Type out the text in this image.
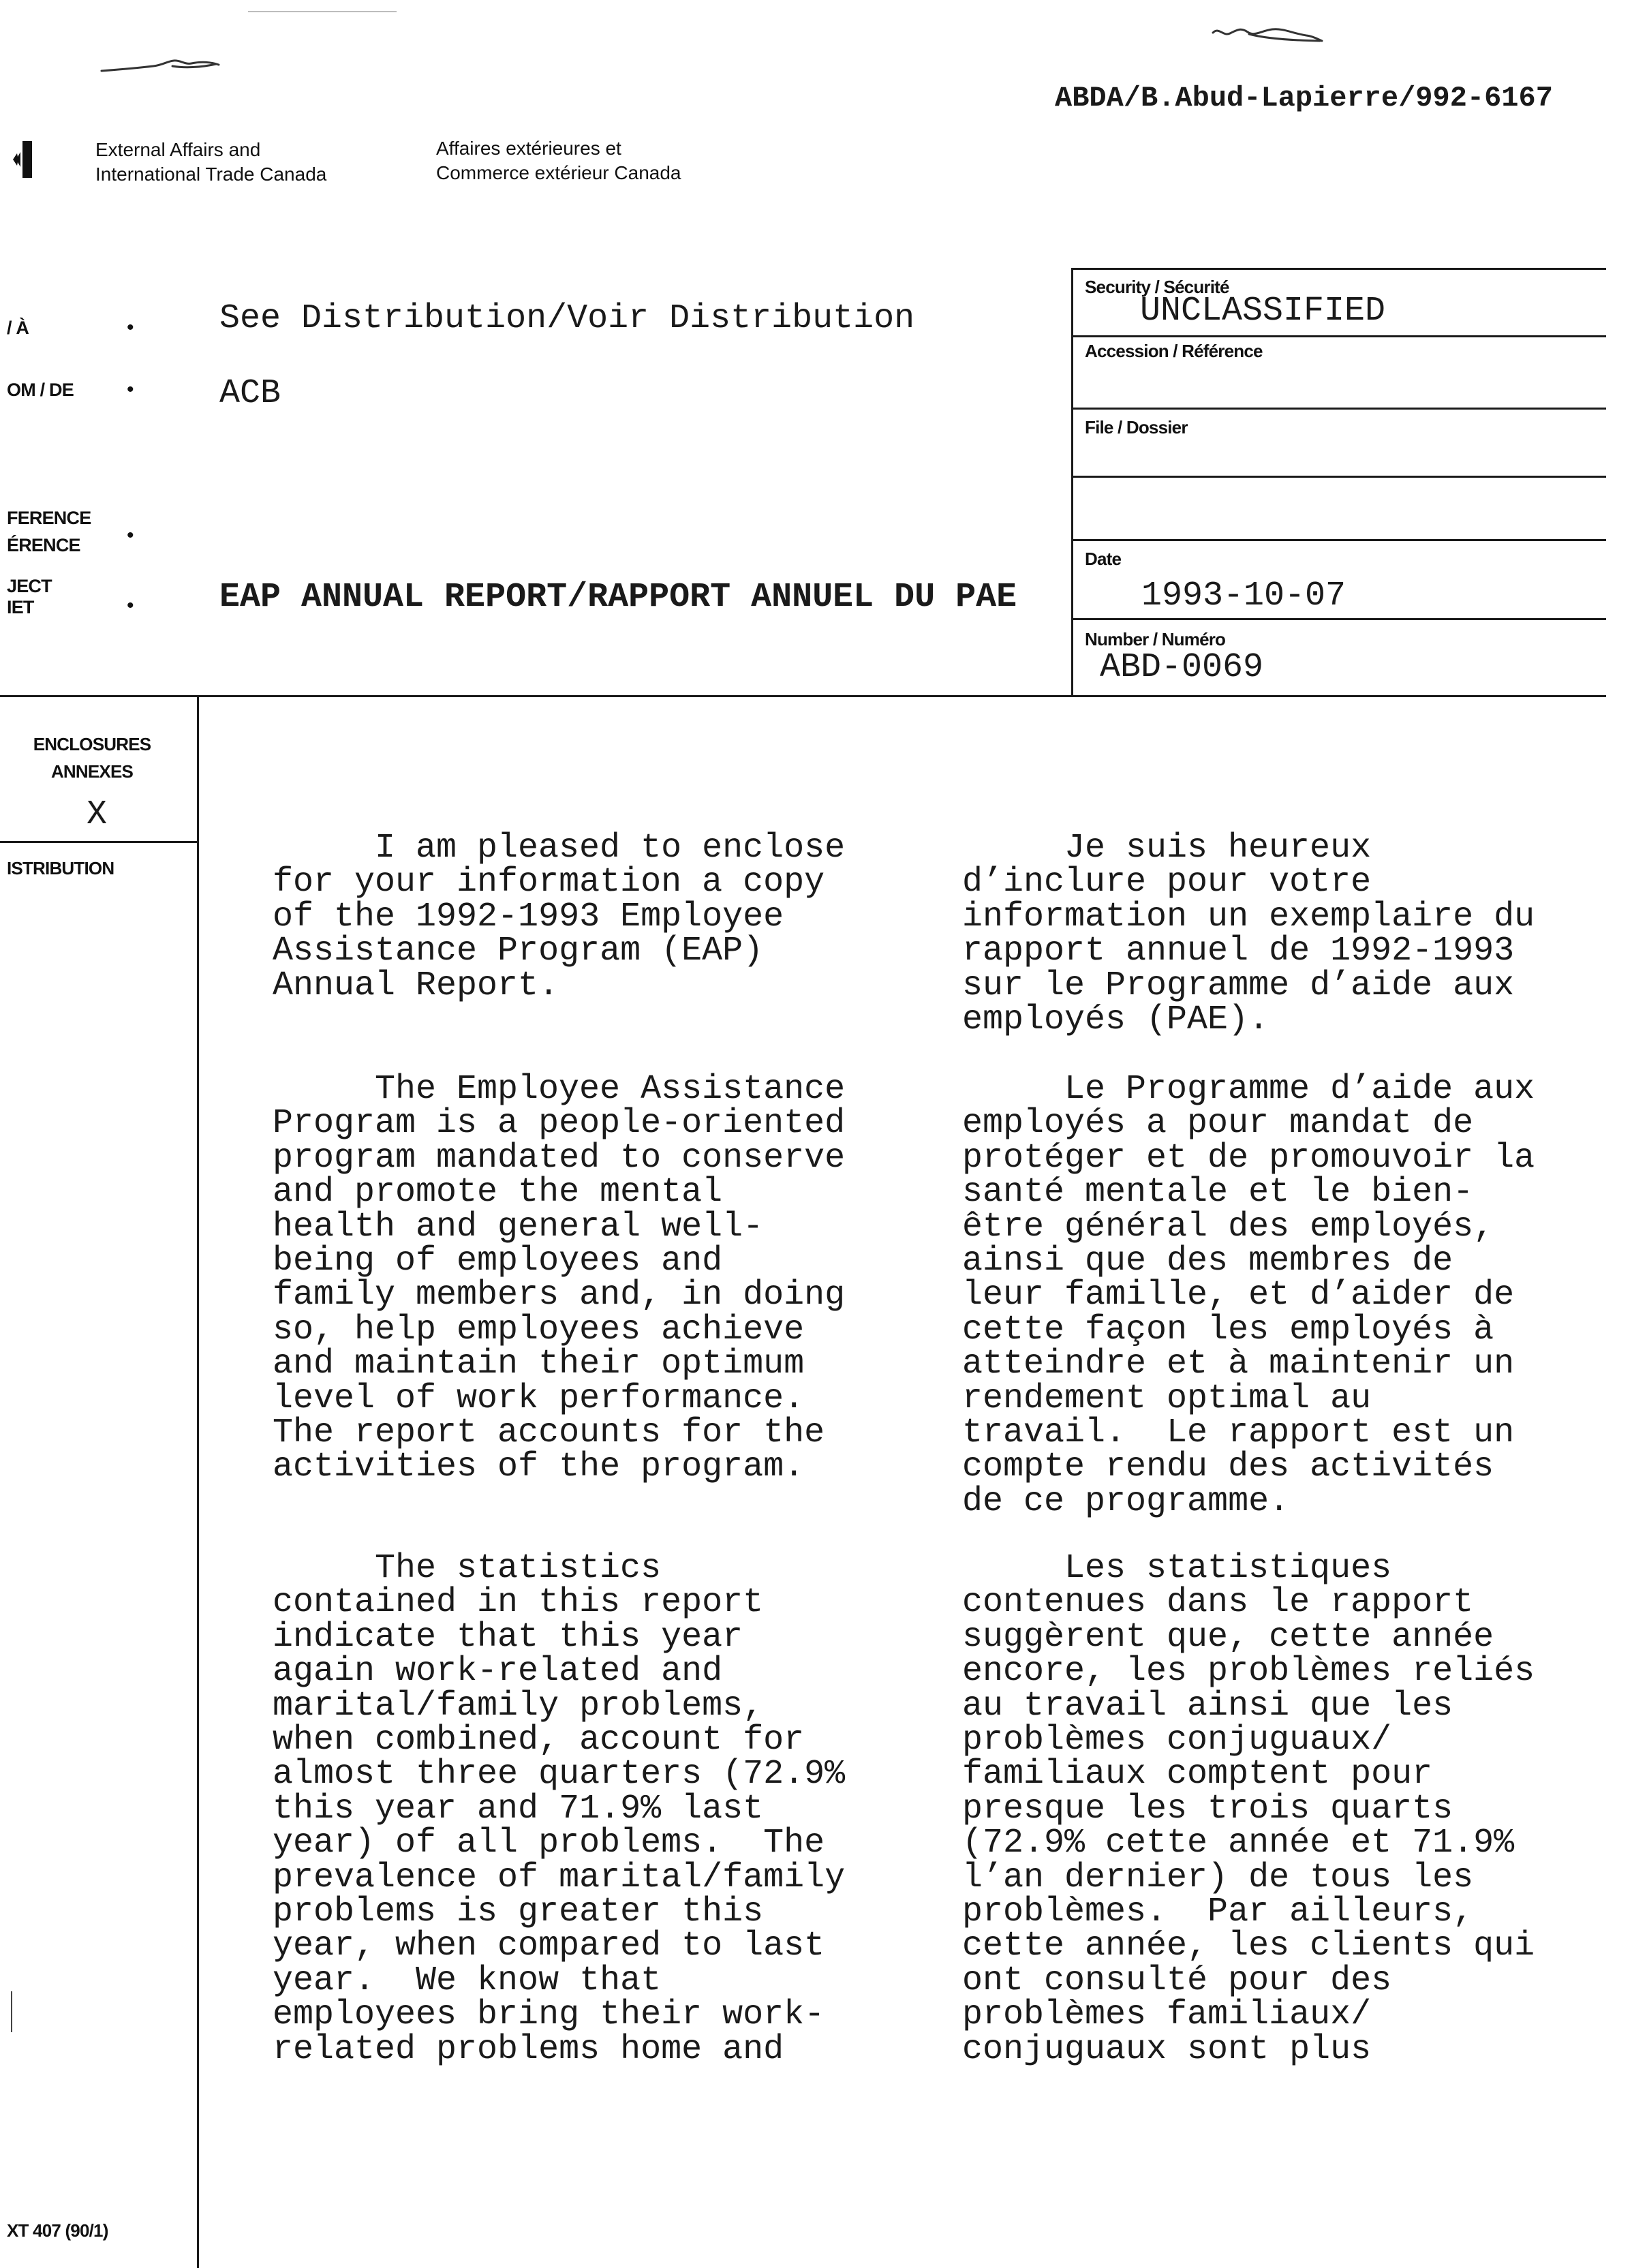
ABDA/B.Abud-Lapierre/992-6167
External Affairs and
International Trade Canada
Affaires extérieures et
Commerce extérieur Canada
Security / Sécurité
UNCLASSIFIED
Accession / Référence
File / Dossier
Date
1993-10-07
Number / Numéro
ABD-0069
/ À	•	See Distribution/Voir Distribution
OM / DE	•	ACB
FERENCE
ÉRENCE •
JECT
IET	•	EAP ANNUAL REPORT/RAPPORT ANNUEL DU PAE
ENCLOSURES
ANNEXES
X
ISTRIBUTION
XT 407 (90/1)
I am pleased to enclose
for your information a copy
of the 1992-1993 Employee
Assistance Program (EAP)
Annual Report.
The Employee Assistance
Program is a people-oriented
program mandated to conserve
and promote the mental
health and general well-
being of employees and
family members and, in doing
so, help employees achieve
and maintain their optimum
level of work performance.
The report accounts for the
activities of the program.
The statistics
contained in this report
indicate that this year
again work-related and
marital/family problems,
when combined, account for
almost three quarters (72.9%
this year and 71.9% last
year) of all problems.  The
prevalence of marital/family
problems is greater this
year, when compared to last
year.  We know that
employees bring their work-
related problems home and
Je suis heureux
d’inclure pour votre
information un exemplaire du
rapport annuel de 1992-1993
sur le Programme d’aide aux
employés (PAE).
Le Programme d’aide aux
employés a pour mandat de
protéger et de promouvoir la
santé mentale et le bien-
être général des employés,
ainsi que des membres de
leur famille, et d’aider de
cette façon les employés à
atteindre et à maintenir un
rendement optimal au
travail.  Le rapport est un
compte rendu des activités
de ce programme.
Les statistiques
contenues dans le rapport
suggèrent que, cette année
encore, les problèmes reliés
au travail ainsi que les
problèmes conjuguaux/
familiaux comptent pour
presque les trois quarts
(72.9% cette année et 71.9%
l’an dernier) de tous les
problèmes.  Par ailleurs,
cette année, les clients qui
ont consulté pour des
problèmes familiaux/
conjuguaux sont plus
